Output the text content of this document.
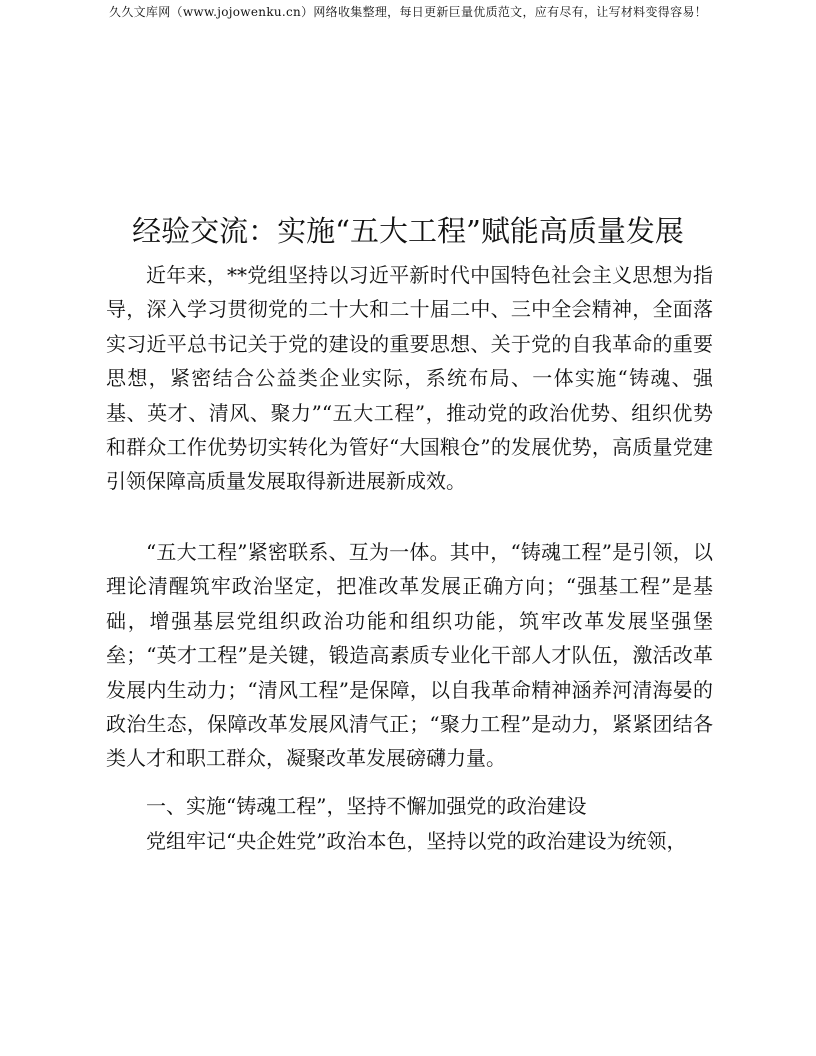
久久文库网（www.jojowenku.cn）网络收集整理，每日更新巨量优质范文，应有尽有，让写材料变得容易！
经验交流：实施“五大工程”赋能高质量发展
近年来，**党组坚持以习近平新时代中国特色社会主义思想为指导，深入学习贯彻党的二十大和二十届二中、三中全会精神，全面落实习近平总书记关于党的建设的重要思想、关于党的自我革命的重要思想，紧密结合公益类企业实际，系统布局、一体实施“铸魂、强基、英才、清风、聚力”“五大工程”，推动党的政治优势、组织优势和群众工作优势切实转化为管好“大国粮仓”的发展优势，高质量党建引领保障高质量发展取得新进展新成效。
“五大工程”紧密联系、互为一体。其中，“铸魂工程”是引领，以理论清醒筑牢政治坚定，把准改革发展正确方向；“强基工程”是基础，增强基层党组织政治功能和组织功能，筑牢改革发展坚强堡垒；“英才工程”是关键，锻造高素质专业化干部人才队伍，激活改革发展内生动力；“清风工程”是保障，以自我革命精神涵养河清海晏的政治生态，保障改革发展风清气正；“聚力工程”是动力，紧紧团结各类人才和职工群众，凝聚改革发展磅礴力量。
一、实施“铸魂工程”，坚持不懈加强党的政治建设
党组牢记“央企姓党”政治本色，坚持以党的政治建设为统领，
